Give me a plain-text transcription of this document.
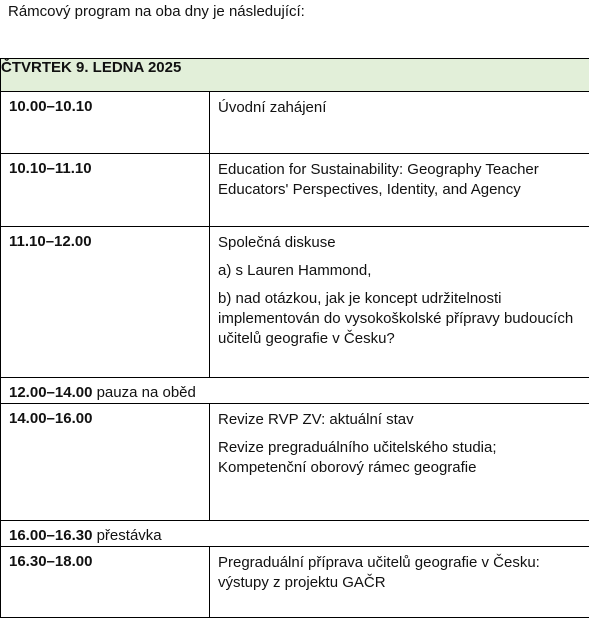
Rámcový program na oba dny je následující:
ČTVRTEK 9. LEDNA 2025	
10.00–10.10	Úvodní zahájení

10.10–11.10	Education for Sustainability: Geography Teacher Educators' Perspectives, Identity, and Agency

11.10–12.00	Společná diskuse

a) s Lauren Hammond,

b) nad otázkou, jak je koncept udržitelnosti implementován do vysokoškolské přípravy budoucích učitelů geografie v Česku?

12.00–14.00 pauza na oběd	
14.00–16.00	Revize RVP ZV: aktuální stav

Revize pregraduálního učitelského studia; Kompetenční oborový rámec geografie

16.00–16.30 přestávka	
16.30–18.00	Pregraduální příprava učitelů geografie v Česku: výstupy z projektu GAČR
